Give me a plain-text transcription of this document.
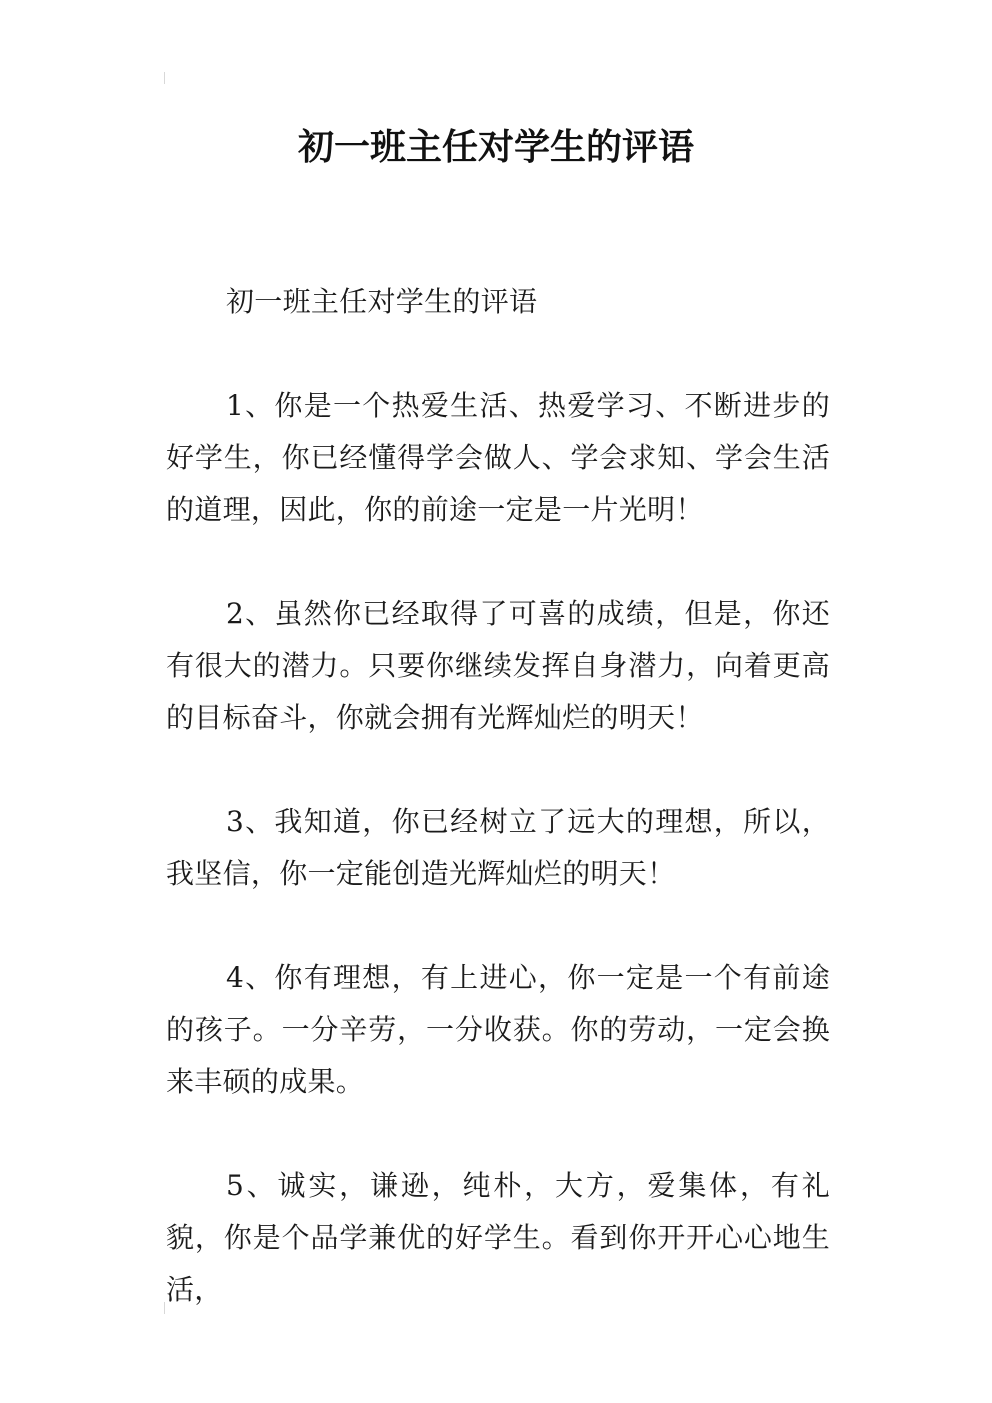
初一班主任对学生的评语

初一班主任对学生的评语

1、你是一个热爱生活、热爱学习、不断进步的好学生，你已经懂得学会做人、学会求知、学会生活的道理，因此，你的前途一定是一片光明！

2、虽然你已经取得了可喜的成绩，但是，你还有很大的潜力。只要你继续发挥自身潜力，向着更高的目标奋斗，你就会拥有光辉灿烂的明天！

3、我知道，你已经树立了远大的理想，所以，我坚信，你一定能创造光辉灿烂的明天！

4、你有理想，有上进心，你一定是一个有前途的孩子。一分辛劳，一分收获。你的劳动，一定会换来丰硕的成果。

5、诚实，谦逊，纯朴，大方，爱集体，有礼貌，你是个品学兼优的好学生。看到你开开心心地生活，
